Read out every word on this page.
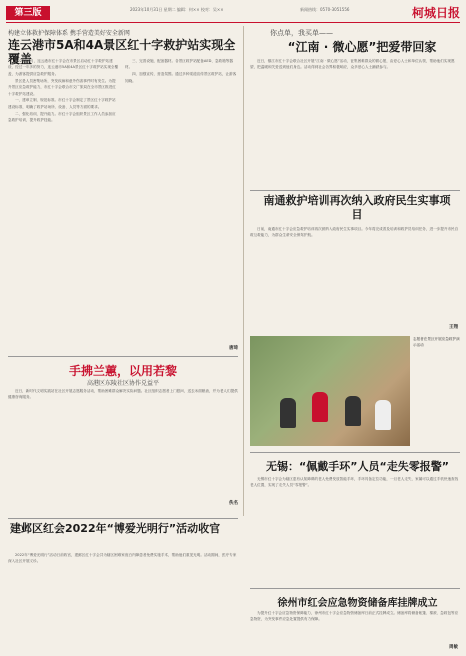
第三版	2023年10月31日 星期二 编辑：何×× 校对：吴××	新闻热线：0570-3051556	柯城日报
构建立体救护保障体系 携手营造美好安全新网
连云港市5A和4A景区红十字救护站实现全覆盖

2024年4月，连云港市红十字会在市景区启动红十字救护站建设，经过一年多的努力，连云港市5A和4A景区红十字救护站实现全覆盖，为游客提供应急救护服务。

景区是人员密集场所，突发疾病和意外伤害事件时有发生。为提升景区应急救护能力，市红十字会联合市文广旅局在全市景区推进红十字救护站建设。

一、建章立制，规范标准。市红十字会制定了景区红十字救护站建设标准，明确了救护站场所、设备、人员等方面的要求。

二、强化培训，提升能力。市红十字会组织景区工作人员参加应急救护培训，提升救护技能。

三、完善设施，配备器材。各景区救护站配备AED、急救箱等器材。

四、加强宣传，营造氛围。通过多种渠道宣传景区救护站，让游客知晓。

唐琦
你点单，我买单——
“江南 · 微心愿”把爱带回家

近日，镇江市红十字会联合社区开展“江南 · 微心愿”活动，征集困难群众的微心愿，由爱心人士和单位认领，帮助他们实现愿望，把温暖和关爱送到他们身边。活动得到社会各界积极响应，众多爱心人士踊跃参与。

南通救护培训再次纳入政府民生实事项目

日前，南通市红十字会应急救护培训再次被纳入政府民生实事项目。今年将完成普及培训和救护员培训任务，进一步提升市民自救互救能力，为群众生命安全保驾护航。

王翔
志愿者在景区开展应急救护演示活动
手拂兰蕙，以用若黎
高港区东陵社区协作兑益平

近日，新时代文明实践站在社区开展志愿服务活动，帮助困难群众解决实际问题。社区组织志愿者上门慰问，送去米面粮油，并为老人们提供健康咨询服务。

佚名
无锡：“佩戴手环”人员“走失零报警”

无锡市红十字会为辖区患有认知障碍的老人免费发放智能手环，手环具备定位功能，一旦老人走失，家属可以通过手机快速查找老人位置，实现了走失人员“零报警”。

建邺区红会2022年“博爱光明行”活动收官

2022年“博爱光明行”活动日前收官，建邺区红十字会共为辖区困难家庭白内障患者免费实施手术，帮助他们重见光明。活动期间，医疗专家深入社区开展义诊。

徐州市红会应急物资储备库挂牌成立

为提升红十字会应急物资保障能力，徐州市红十字会应急物资储备库日前正式挂牌成立。储备库将储备帐篷、棉被、急救包等应急物资，为突发事件应急处置提供有力保障。

周敏
